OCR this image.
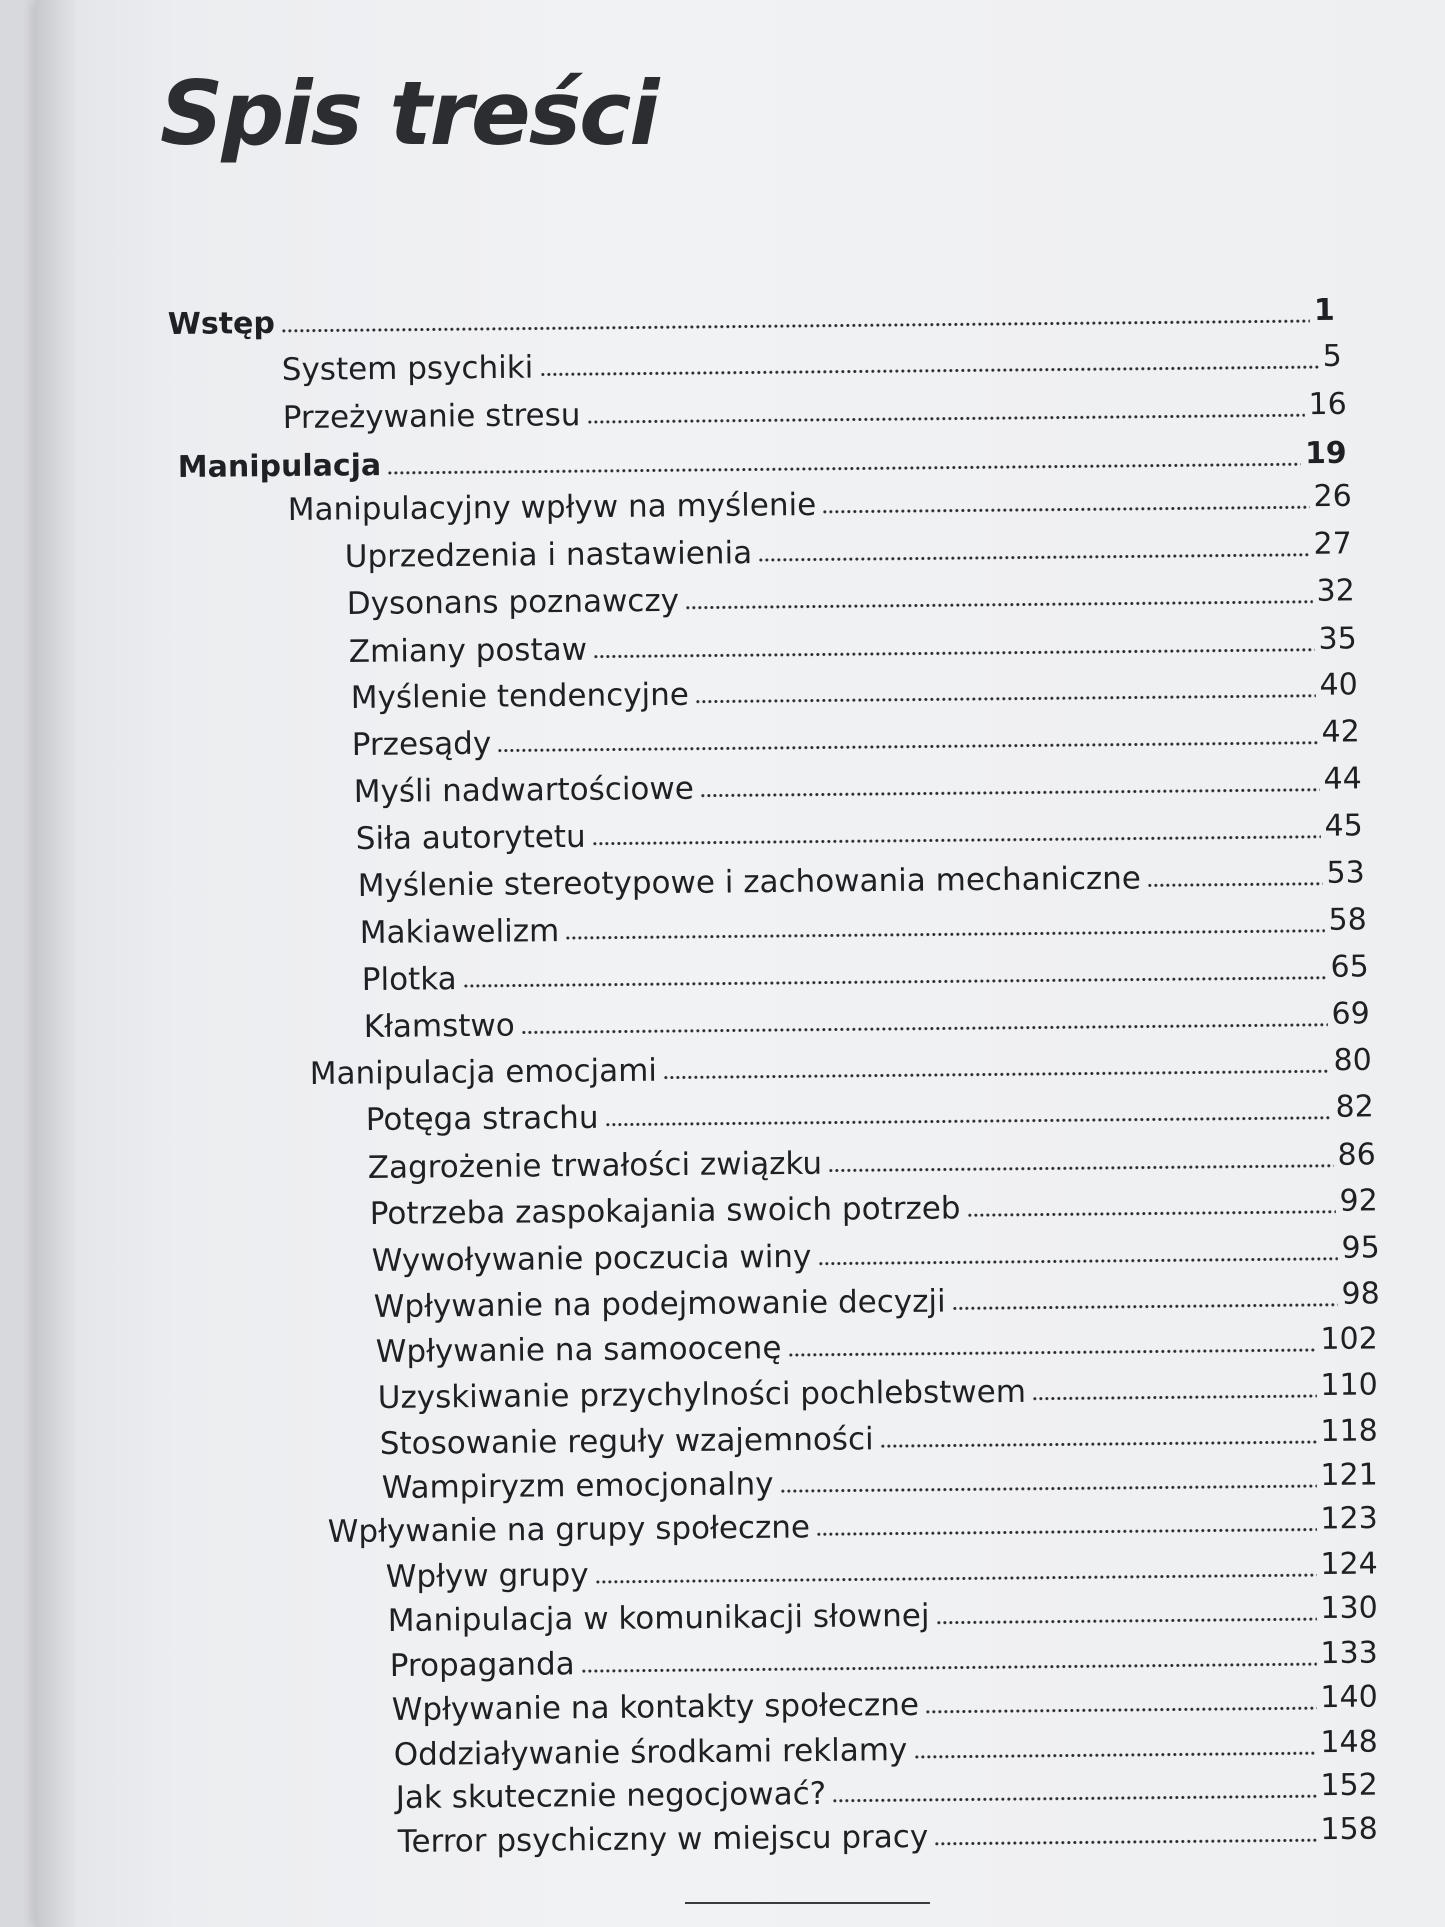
Spis treści
Wstęp	1
System psychiki	5
Przeżywanie stresu	16
Manipulacja	19
Manipulacyjny wpływ na myślenie	26
Uprzedzenia i nastawienia	27
Dysonans poznawczy	32
Zmiany postaw	35
Myślenie tendencyjne	40
Przesądy	42
Myśli nadwartościowe	44
Siła autorytetu	45
Myślenie stereotypowe i zachowania mechaniczne	53
Makiawelizm	58
Plotka	65
Kłamstwo	69
Manipulacja emocjami	80
Potęga strachu	82
Zagrożenie trwałości związku	86
Potrzeba zaspokajania swoich potrzeb	92
Wywoływanie poczucia winy	95
Wpływanie na podejmowanie decyzji	98
Wpływanie na samoocenę	102
Uzyskiwanie przychylności pochlebstwem	110
Stosowanie reguły wzajemności	118
Wampiryzm emocjonalny	121
Wpływanie na grupy społeczne	123
Wpływ grupy	124
Manipulacja w komunikacji słownej	130
Propaganda	133
Wpływanie na kontakty społeczne	140
Oddziaływanie środkami reklamy	148
Jak skutecznie negocjować?	152
Terror psychiczny w miejscu pracy	158
